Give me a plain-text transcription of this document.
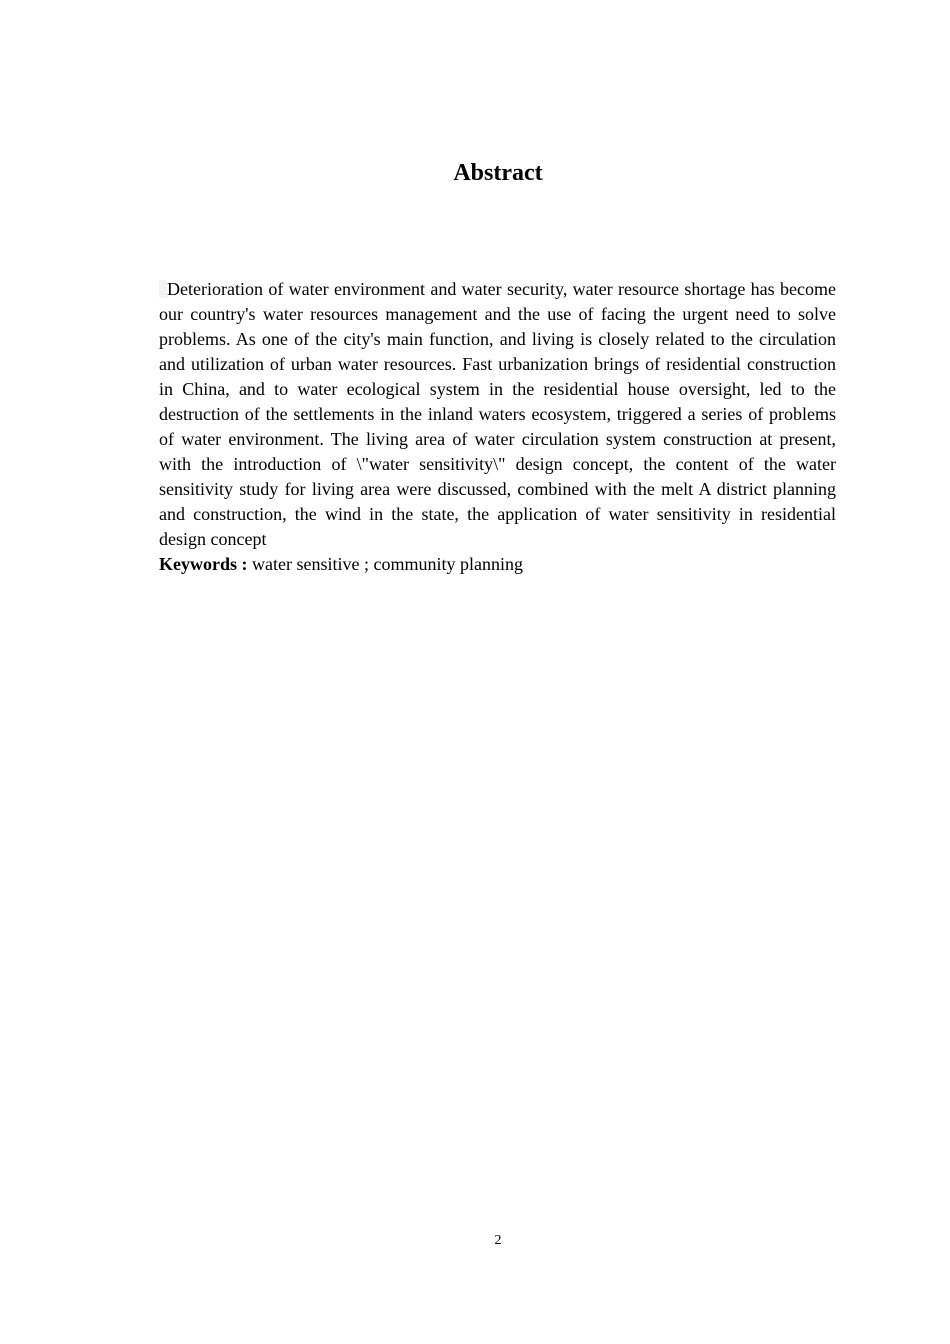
Abstract

Deterioration of water environment and water security, water resource shortage has become our country's water resources management and the use of facing the urgent need to solve problems. As one of the city's main function, and living is closely related to the circulation and utilization of urban water resources. Fast urbanization brings of residential construction in China, and to water ecological system in the residential house oversight, led to the destruction of the settlements in the inland waters ecosystem, triggered a series of problems of water environment. The living area of water circulation system construction at present, with the introduction of \"water sensitivity\" design concept, the content of the water sensitivity study for living area were discussed, combined with the melt A district planning and construction, the wind in the state, the application of water sensitivity in residential design concept

Keywords : water sensitive ; community planning

2
